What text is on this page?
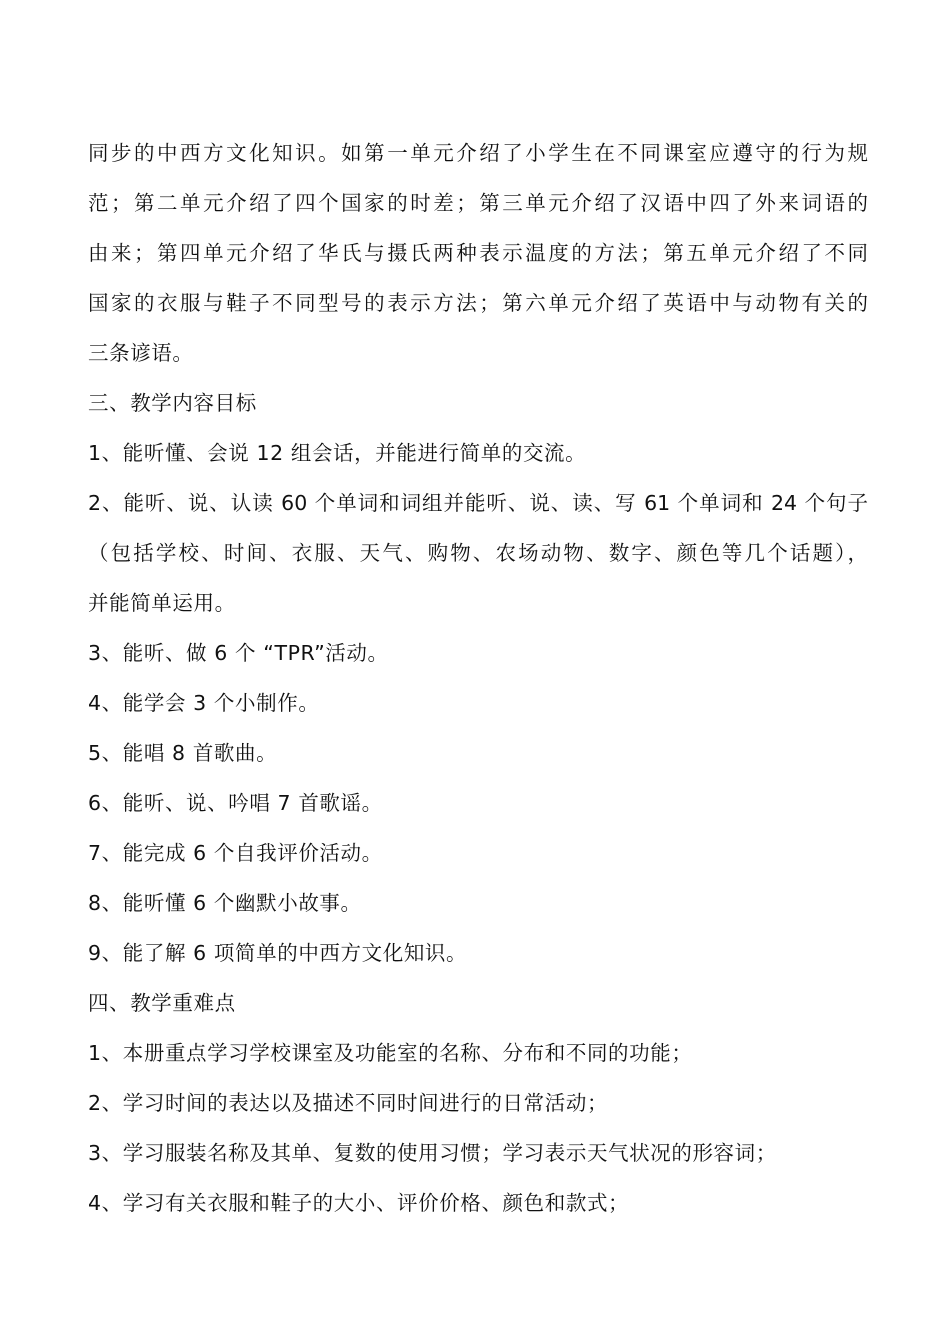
同步的中西方文化知识。如第一单元介绍了小学生在不同课室应遵守的行为规
范；第二单元介绍了四个国家的时差；第三单元介绍了汉语中四了外来词语的
由来；第四单元介绍了华氏与摄氏两种表示温度的方法；第五单元介绍了不同
国家的衣服与鞋子不同型号的表示方法；第六单元介绍了英语中与动物有关的
三条谚语。
三、教学内容目标
1、能听懂、会说 12 组会话，并能进行简单的交流。
2、能听、说、认读 60 个单词和词组并能听、说、读、写 61 个单词和 24 个句子
（包括学校、时间、衣服、天气、购物、农场动物、数字、颜色等几个话题），
并能简单运用。
3、能听、做 6 个 “TPR”活动。
4、能学会 3 个小制作。
5、能唱 8 首歌曲。
6、能听、说、吟唱 7 首歌谣。
7、能完成 6 个自我评价活动。
8、能听懂 6 个幽默小故事。
9、能了解 6 项简单的中西方文化知识。
四、教学重难点
1、本册重点学习学校课室及功能室的名称、分布和不同的功能；
2、学习时间的表达以及描述不同时间进行的日常活动；
3、学习服装名称及其单、复数的使用习惯；学习表示天气状况的形容词；
4、学习有关衣服和鞋子的大小、评价价格、颜色和款式；
